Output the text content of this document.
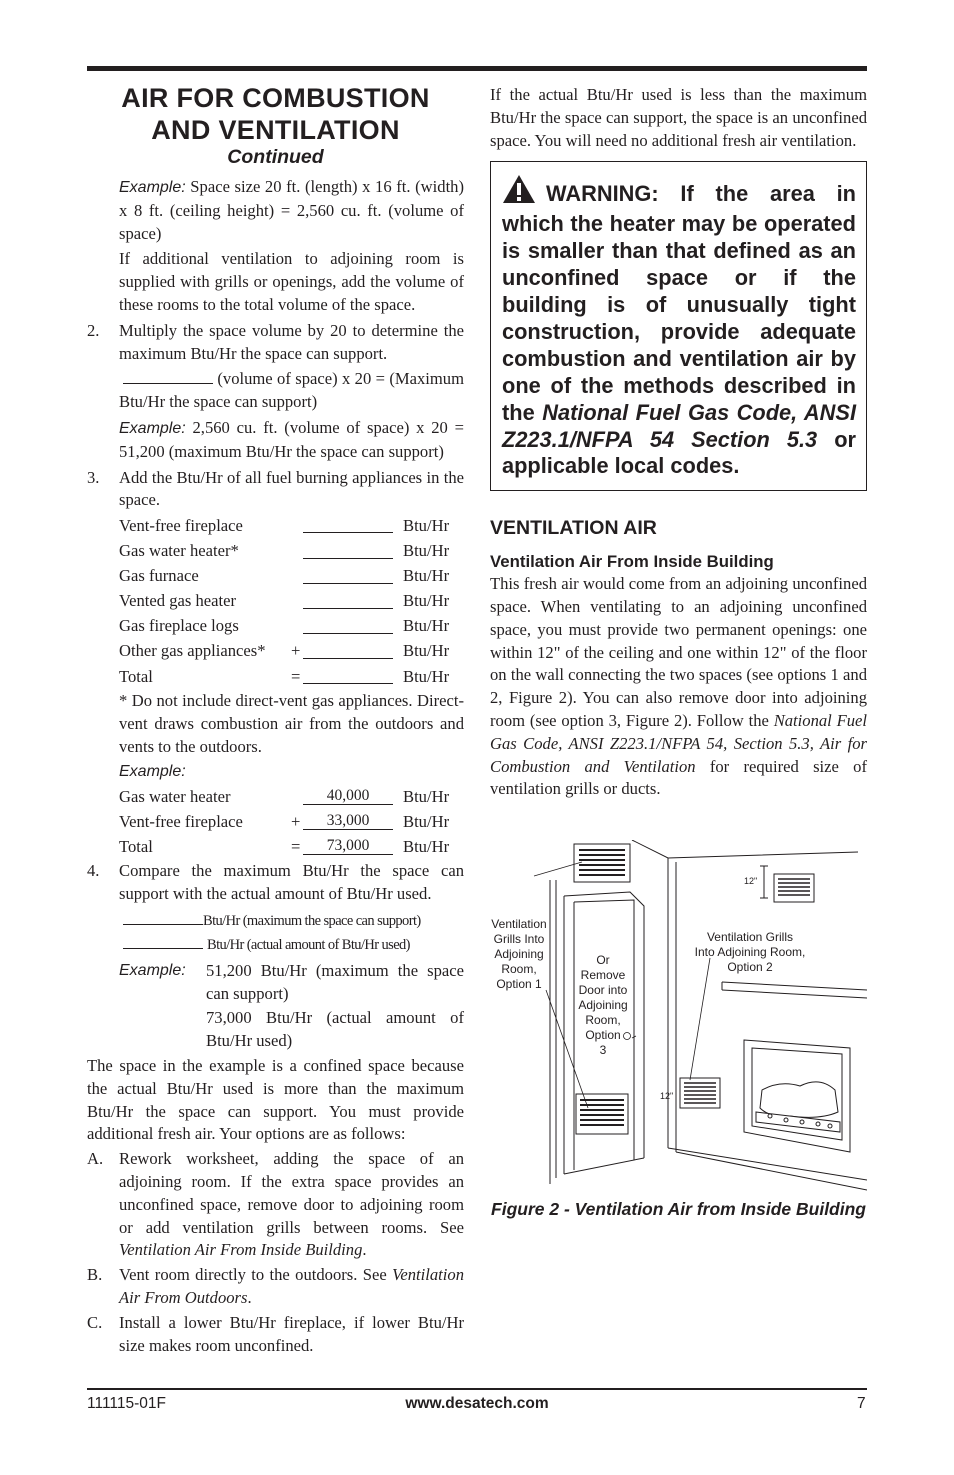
AIR FOR COMBUSTION
AND VENTILATION

Continued

Example: Space size 20 ft. (length) x 16 ft. (width) x 8 ft. (ceiling height) = 2,560 cu. ft. (volume of space)

If additional ventilation to adjoining room is supplied with grills or openings, add the volume of these rooms to the total volume of the space.

2.	Multiply the space volume by 20 to determine the maximum Btu/Hr the space can support.

(volume of space) x 20 = (Maximum Btu/Hr the space can support)

Example: 2,560 cu. ft. (volume of space) x 20 = 51,200 (maximum Btu/Hr the space can support)

3.	Add the Btu/Hr of all fuel burning appliances in the space.
Vent-free fireplace			Btu/Hr
Gas water heater*			Btu/Hr
Gas furnace			Btu/Hr
Vented gas heater			Btu/Hr
Gas fireplace logs			Btu/Hr
Other gas appliances*	+		Btu/Hr
Total	=		Btu/Hr

* Do not include direct-vent gas appliances. Direct-vent draws combustion air from the outdoors and vents to the outdoors.

Example:

Gas water heater		40,000	Btu/Hr
Vent-free fireplace	+	33,000	Btu/Hr
Total	=	73,000	Btu/Hr
4.	Compare the maximum Btu/Hr the space can support with the actual amount of Btu/Hr used.

Btu/Hr (maximum the space can support)

Btu/Hr (actual amount of Btu/Hr used)

Example:	51,200 Btu/Hr (maximum the space can support)

73,000 Btu/Hr (actual amount of Btu/Hr used)

The space in the example is a confined space because the actual Btu/Hr used is more than the maximum Btu/Hr the space can support. You must provide additional fresh air. Your options are as follows:

A. Rework worksheet, adding the space of an adjoining room. If the extra space provides an unconfined space, remove door to adjoining room or add ventilation grills between rooms. See Ventilation Air From Inside Building.
B.	Vent room directly to the outdoors. See Ventilation Air From Outdoors.
C.	Install a lower Btu/Hr fireplace, if lower Btu/Hr size makes room unconfined.

If the actual Btu/Hr used is less than the maximum Btu/Hr the space can support, the space is an unconfined space. You will need no additional fresh air ventilation.

WARNING: If the area in which the heater may be operated is smaller than that defined as an unconfined space or if the building is of unusually tight construction, provide adequate combustion and ventilation air by one of the methods described in the National Fuel Gas Code, ANSI Z223.1/NFPA 54 Section 5.3 or applicable local codes.

VENTILATION AIR

Ventilation Air From Inside Building

This fresh air would come from an adjoining unconfined space. When ventilating to an adjoining unconfined space, you must provide two permanent openings: one within 12" of the ceiling and one within 12" of the floor on the wall connecting the two spaces (see options 1 and 2, Figure 2). You can also remove door into adjoining room (see option 3, Figure 2). Follow the National Fuel Gas Code, ANSI Z223.1/NFPA 54, Section 5.3, Air for Combustion and Ventilation for required size of ventilation grills or ducts.

Ventilation
Grills Into
Adjoining
Room,
Option 1
Or
Remove
Door into
Adjoining
Room,
Option
3
Ventilation Grills
Into Adjoining Room,
Option 2
12"
12"
Figure 2 - Ventilation Air from Inside Building
111115-01F	www.desatech.com	7
